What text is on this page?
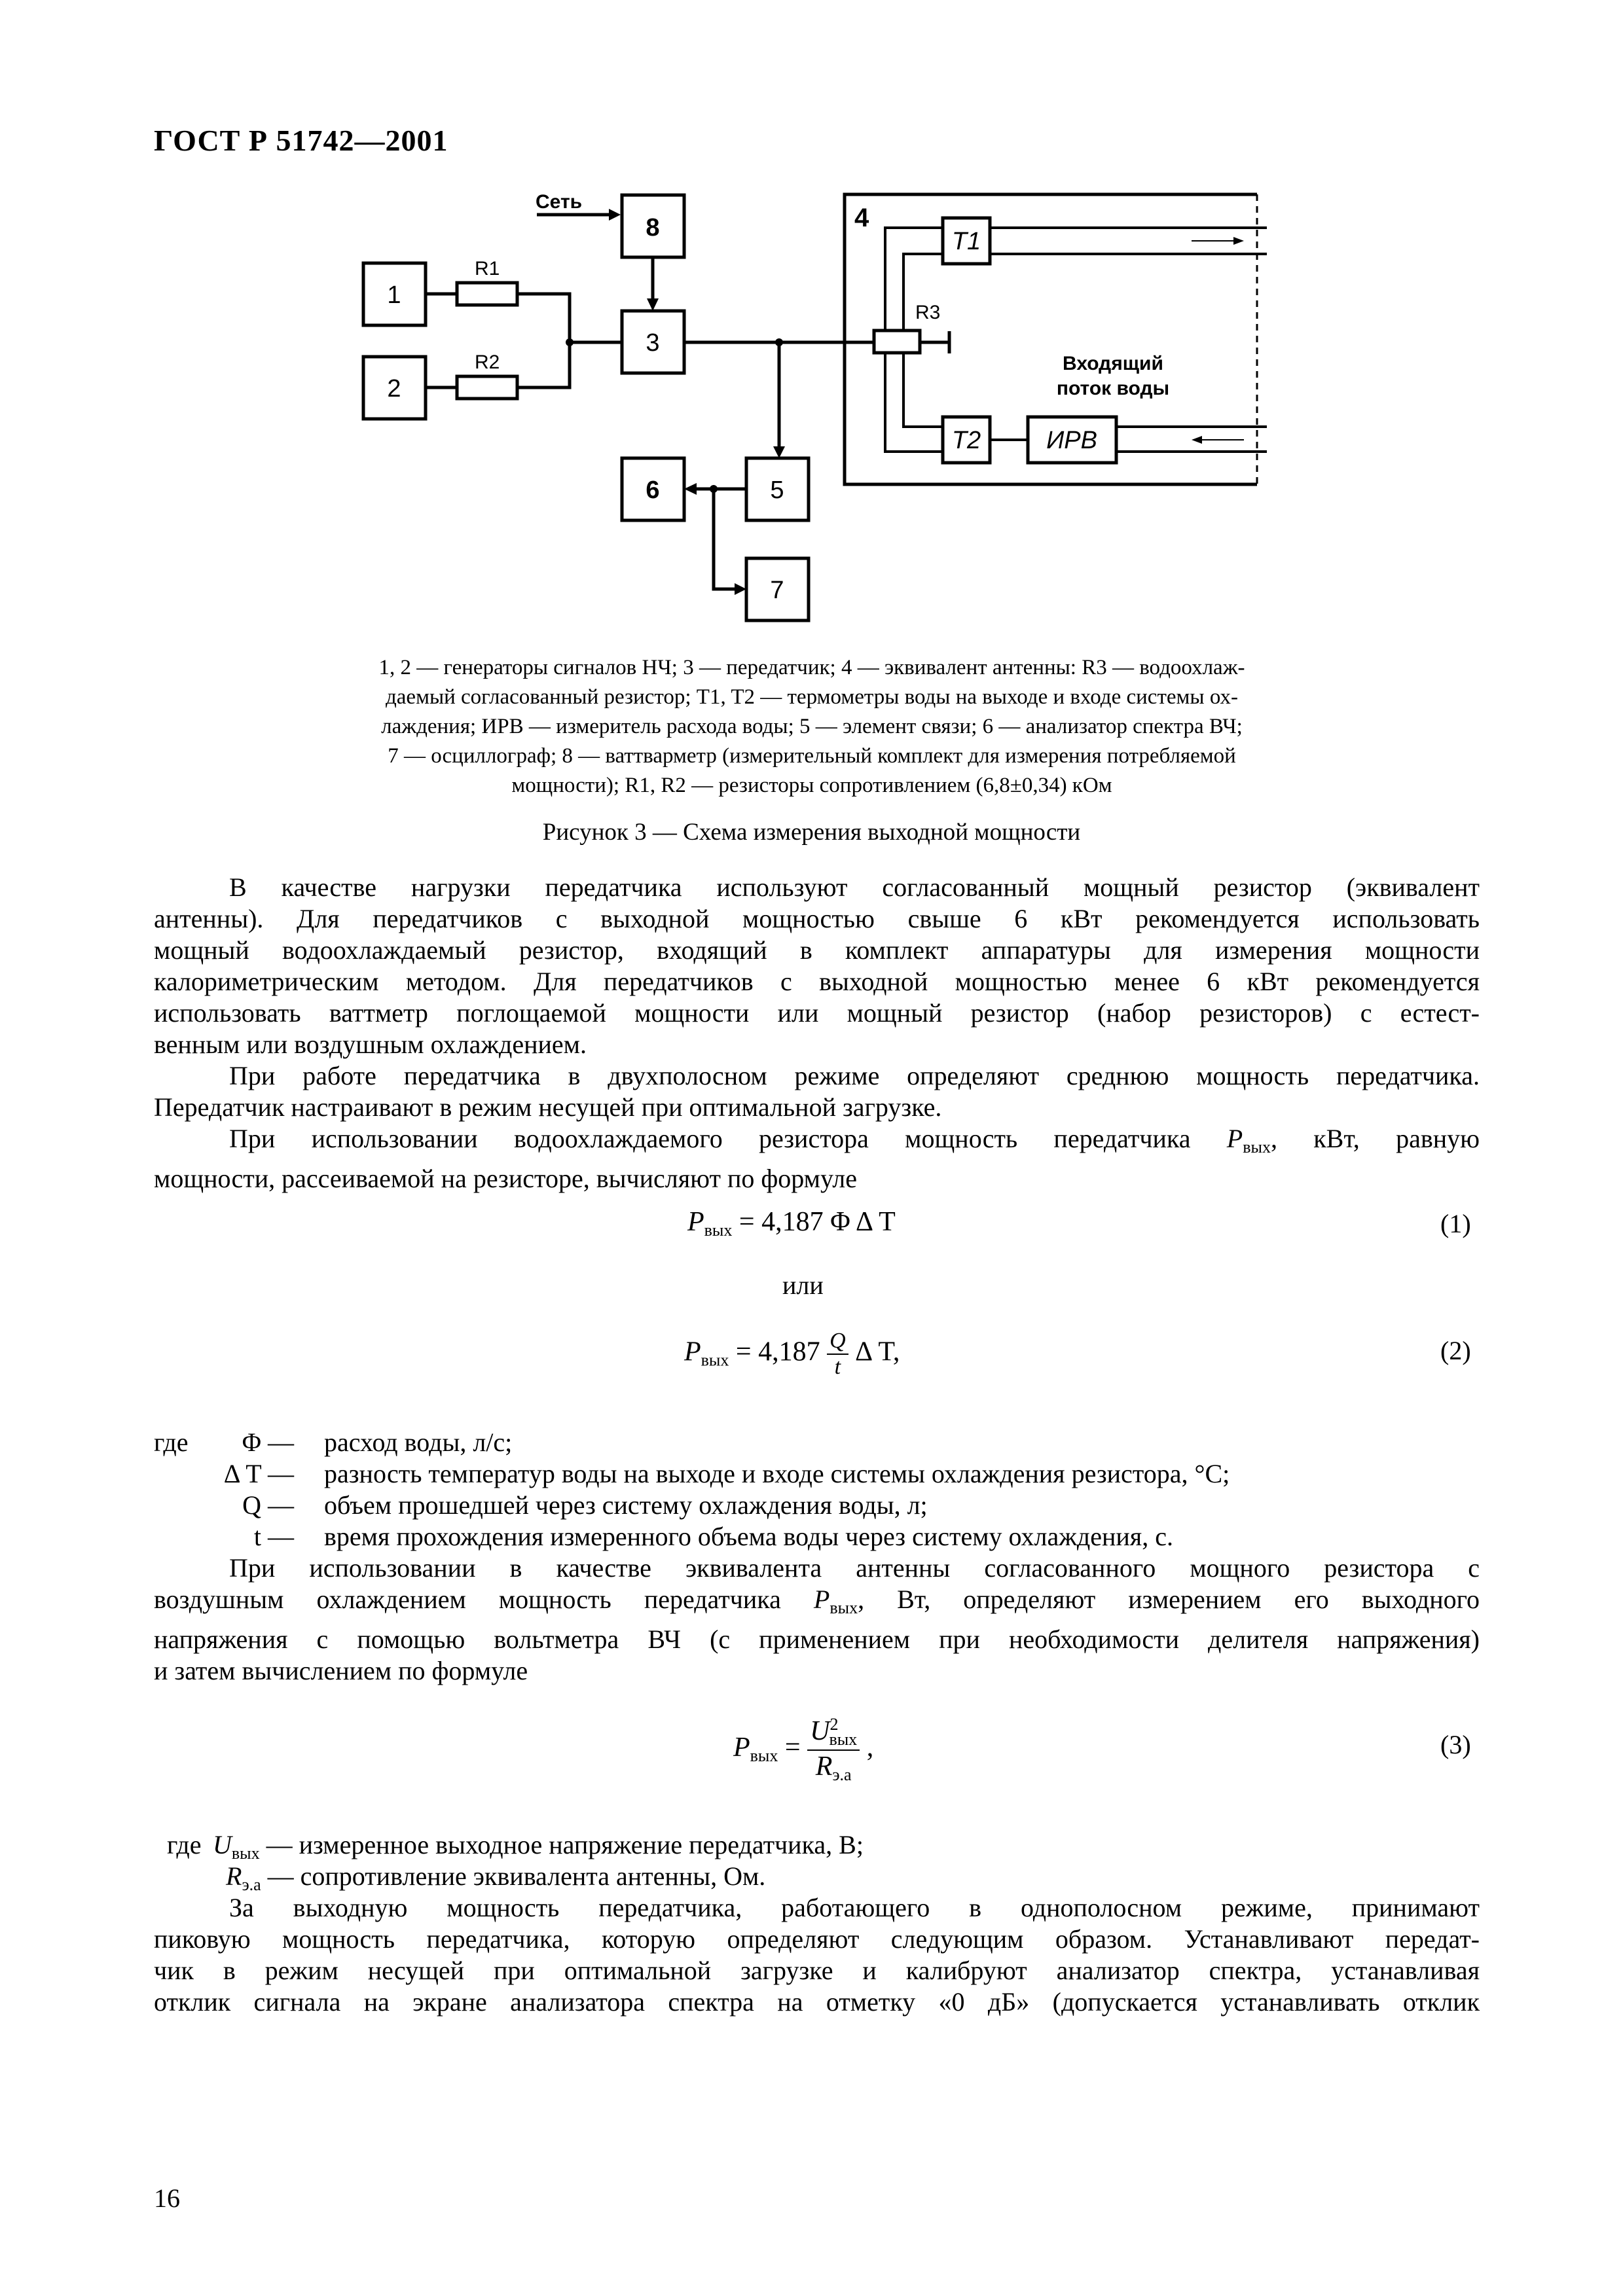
ГОСТ Р 51742—2001
1
2
8
3
6	5
7
T1
T2	ИРВ
4
R1
R2
R3
Сеть
Входящий
поток воды
1, 2 — генераторы сигналов НЧ; 3 — передатчик; 4 — эквивалент антенны: R3 — водоохлаж-
даемый согласованный резистор; T1, T2 — термометры воды на выходе и входе системы ох-
лаждения; ИРВ — измеритель расхода воды; 5 — элемент связи; 6 — анализатор спектра ВЧ;
7 — осциллограф; 8 — ваттварметр (измерительный комплект для измерения потребляемой
мощности); R1, R2 — резисторы сопротивлением (6,8±0,34) кОм
Рисунок 3 — Схема измерения выходной мощности
В качестве нагрузки передатчика используют согласованный мощный резистор (эквивалент
антенны). Для передатчиков с выходной мощностью свыше 6 кВт рекомендуется использовать
мощный водоохлаждаемый резистор, входящий в комплект аппаратуры для измерения мощности
калориметрическим методом. Для передатчиков с выходной мощностью менее 6 кВт рекомендуется
использовать ваттметр поглощаемой мощности или мощный резистор (набор резисторов) с естест-
венным или воздушным охлаждением.
При работе передатчика в двухполосном режиме определяют среднюю мощность передатчика.
Передатчик настраивают в режим несущей при оптимальной загрузке.
При использовании водоохлаждаемого резистора мощность передатчика $P_{вых}$, кВт, равную
мощности, рассеиваемой на резисторе, вычисляют по формуле
$P_{вых} = 4,187$ Φ Δ T	(1)
или
$P_{вых} = 4,187 \frac{Q}{t}$ Δ T,	(2)
где Φ — расход воды, л/с;
Δ T — разность температур воды на выходе и входе системы охлаждения резистора, °С;
Q — объем прошедшей через систему охлаждения воды, л;
t — время прохождения измеренного объема воды через систему охлаждения, с.
При использовании в качестве эквивалента антенны согласованного мощного резистора с
воздушным охлаждением мощность передатчика $P_{вых}$, Вт, определяют измерением его выходного
напряжения с помощью вольтметра ВЧ (с применением при необходимости делителя напряжения)
и затем вычислением по формуле
$P_{вых} = \frac{U^2_{вых}}{R_{э.а}}$ ,	(3)
где $U_{вых}$ — измеренное выходное напряжение передатчика, В;
$R_{э.а}$ — сопротивление эквивалента антенны, Ом.
За выходную мощность передатчика, работающего в однополосном режиме, принимают
пиковую мощность передатчика, которую определяют следующим образом. Устанавливают передат-
чик в режим несущей при оптимальной загрузке и калибруют анализатор спектра, устанавливая
отклик сигнала на экране анализатора спектра на отметку «0 дБ» (допускается устанавливать отклик
16
